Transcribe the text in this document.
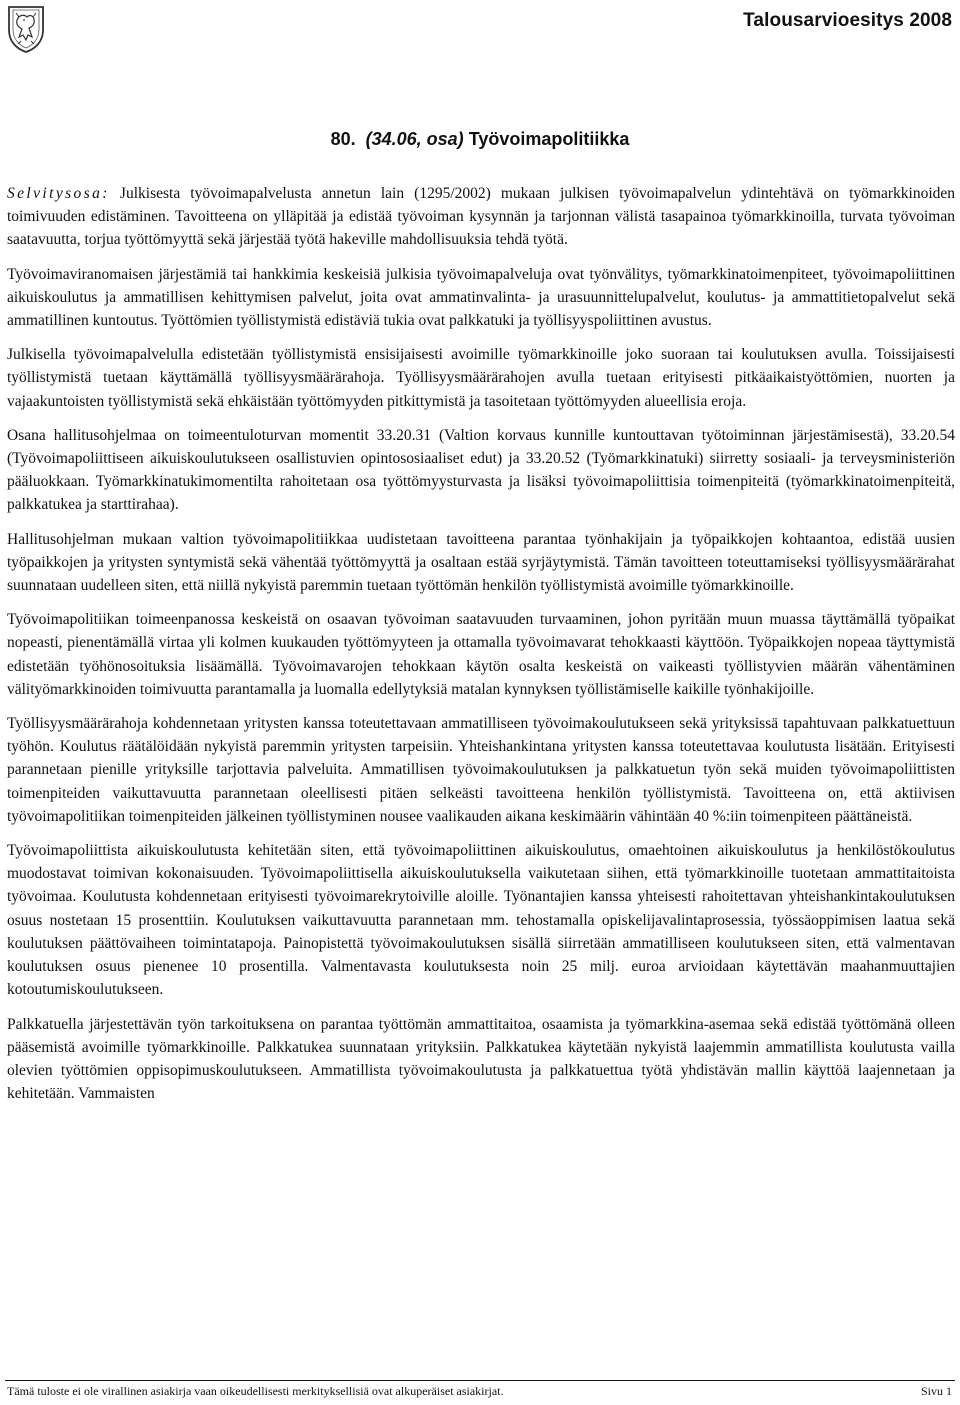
Talousarvioesitys 2008
80. (34.06, osa) Työvoimapolitiikka

Selvitysosa: Julkisesta työvoimapalvelusta annetun lain (1295/2002) mukaan julkisen työvoimapalvelun ydintehtävä on työmarkkinoiden toimivuuden edistäminen. Tavoitteena on ylläpitää ja edistää työvoiman kysynnän ja tarjonnan välistä tasapainoa työmarkkinoilla, turvata työvoiman saatavuutta, torjua työttömyyttä sekä järjestää työtä hakeville mahdollisuuksia tehdä työtä.

Työvoimaviranomaisen järjestämiä tai hankkimia keskeisiä julkisia työvoimapalveluja ovat työnvälitys, työmarkkinatoimenpiteet, työvoimapoliittinen aikuiskoulutus ja ammatillisen kehittymisen palvelut, joita ovat ammatinvalinta- ja urasuunnittelupalvelut, koulutus- ja ammattitietopalvelut sekä ammatillinen kuntoutus. Työttömien työllistymistä edistäviä tukia ovat palkkatuki ja työllisyyspoliittinen avustus.

Julkisella työvoimapalvelulla edistetään työllistymistä ensisijaisesti avoimille työmarkkinoille joko suoraan tai koulutuksen avulla. Toissijaisesti työllistymistä tuetaan käyttämällä työllisyysmäärärahoja. Työllisyysmäärärahojen avulla tuetaan erityisesti pitkäaikaistyöttömien, nuorten ja vajaakuntoisten työllistymistä sekä ehkäistään työttömyyden pitkittymistä ja tasoitetaan työttömyyden alueellisia eroja.

Osana hallitusohjelmaa on toimeentuloturvan momentit 33.20.31 (Valtion korvaus kunnille kuntouttavan työtoiminnan järjestämisestä), 33.20.54 (Työvoimapoliittiseen aikuiskoulutukseen osallistuvien opintososiaaliset edut) ja 33.20.52 (Työmarkkinatuki) siirretty sosiaali- ja terveysministeriön pääluokkaan. Työmarkkinatukimomentilta rahoitetaan osa työttömyysturvasta ja lisäksi työvoimapoliittisia toimenpiteitä (työmarkkinatoimenpiteitä, palkkatukea ja starttirahaa).

Hallitusohjelman mukaan valtion työvoimapolitiikkaa uudistetaan tavoitteena parantaa työnhakijain ja työpaikkojen kohtaantoa, edistää uusien työpaikkojen ja yritysten syntymistä sekä vähentää työttömyyttä ja osaltaan estää syrjäytymistä. Tämän tavoitteen toteuttamiseksi työllisyysmäärärahat suunnataan uudelleen siten, että niillä nykyistä paremmin tuetaan työttömän henkilön työllistymistä avoimille työmarkkinoille.

Työvoimapolitiikan toimeenpanossa keskeistä on osaavan työvoiman saatavuuden turvaaminen, johon pyritään muun muassa täyttämällä työpaikat nopeasti, pienentämällä virtaa yli kolmen kuukauden työttömyyteen ja ottamalla työvoimavarat tehokkaasti käyttöön. Työpaikkojen nopeaa täyttymistä edistetään työhönosoituksia lisäämällä. Työvoimavarojen tehokkaan käytön osalta keskeistä on vaikeasti työllistyvien määrän vähentäminen välityömarkkinoiden toimivuutta parantamalla ja luomalla edellytyksiä matalan kynnyksen työllistämiselle kaikille työnhakijoille.

Työllisyysmäärärahoja kohdennetaan yritysten kanssa toteutettavaan ammatilliseen työvoimakoulutukseen sekä yrityksissä tapahtuvaan palkkatuettuun työhön. Koulutus räätälöidään nykyistä paremmin yritysten tarpeisiin. Yhteishankintana yritysten kanssa toteutettavaa koulutusta lisätään. Erityisesti parannetaan pienille yrityksille tarjottavia palveluita. Ammatillisen työvoimakoulutuksen ja palkkatuetun työn sekä muiden työvoimapoliittisten toimenpiteiden vaikuttavuutta parannetaan oleellisesti pitäen selkeästi tavoitteena henkilön työllistymistä. Tavoitteena on, että aktiivisen työvoimapolitiikan toimenpiteiden jälkeinen työllistyminen nousee vaalikauden aikana keskimäärin vähintään 40 %:iin toimenpiteen päättäneistä.

Työvoimapoliittista aikuiskoulutusta kehitetään siten, että työvoimapoliittinen aikuiskoulutus, omaehtoinen aikuiskoulutus ja henkilöstökoulutus muodostavat toimivan kokonaisuuden. Työvoimapoliittisella aikuiskoulutuksella vaikutetaan siihen, että työmarkkinoille tuotetaan ammattitaitoista työvoimaa. Koulutusta kohdennetaan erityisesti työvoimarekrytoiville aloille. Työnantajien kanssa yhteisesti rahoitettavan yhteishankintakoulutuksen osuus nostetaan 15 prosenttiin. Koulutuksen vaikuttavuutta parannetaan mm. tehostamalla opiskelijavalintaprosessia, työssäoppimisen laatua sekä koulutuksen päättövaiheen toimintatapoja. Painopistettä työvoimakoulutuksen sisällä siirretään ammatilliseen koulutukseen siten, että valmentavan koulutuksen osuus pienenee 10 prosentilla. Valmentavasta koulutuksesta noin 25 milj. euroa arvioidaan käytettävän maahanmuuttajien kotoutumiskoulutukseen.

Palkkatuella järjestettävän työn tarkoituksena on parantaa työttömän ammattitaitoa, osaamista ja työmarkkina-asemaa sekä edistää työttömänä olleen pääsemistä avoimille työmarkkinoille. Palkkatukea suunnataan yrityksiin. Palkkatukea käytetään nykyistä laajemmin ammatillista koulutusta vailla olevien työttömien oppisopimuskoulutukseen. Ammatillista työvoimakoulutusta ja palkkatuettua työtä yhdistävän mallin käyttöä laajennetaan ja kehitetään. Vammaisten

Tämä tuloste ei ole virallinen asiakirja vaan oikeudellisesti merkityksellisiä ovat alkuperäiset asiakirjat.	Sivu 1
